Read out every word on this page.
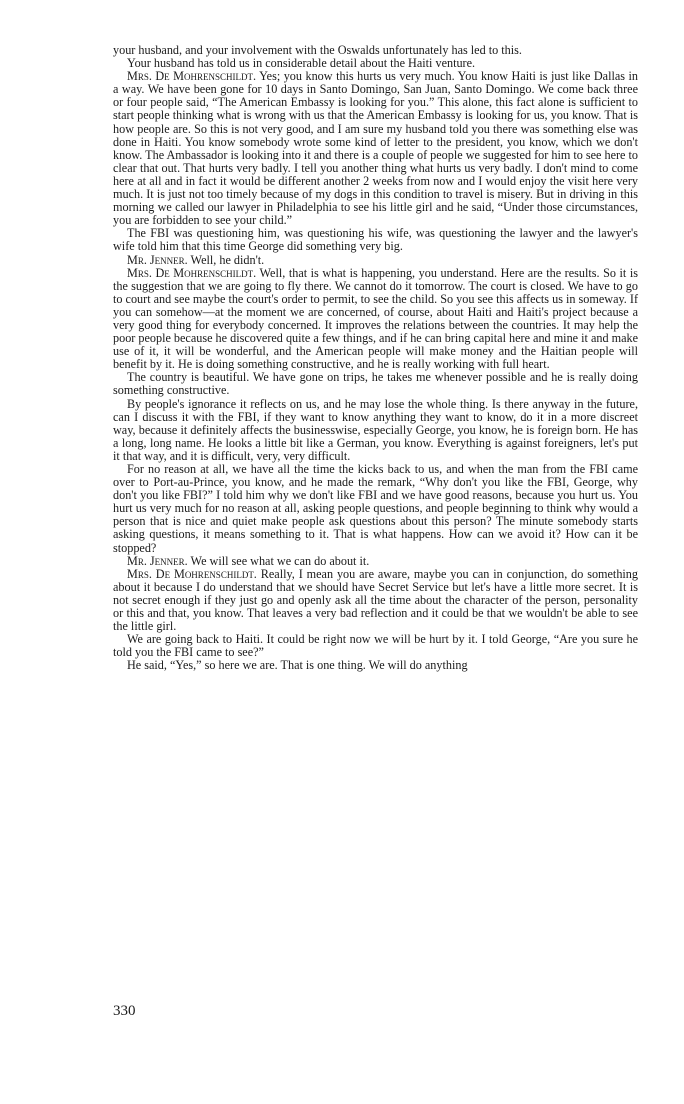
your husband, and your involvement with the Oswalds unfortunately has led to this.

Your husband has told us in considerable detail about the Haiti venture.

Mrs. De Mohrenschildt. Yes; you know this hurts us very much. You know Haiti is just like Dallas in a way. We have been gone for 10 days in Santo Domingo, San Juan, Santo Domingo. We come back three or four people said, “The American Embassy is looking for you.” This alone, this fact alone is sufficient to start people thinking what is wrong with us that the American Embassy is looking for us, you know. That is how people are. So this is not very good, and I am sure my husband told you there was something else was done in Haiti. You know somebody wrote some kind of letter to the president, you know, which we don't know. The Ambassador is looking into it and there is a couple of people we suggested for him to see here to clear that out. That hurts very badly. I tell you another thing what hurts us very badly. I don't mind to come here at all and in fact it would be different another 2 weeks from now and I would enjoy the visit here very much. It is just not too timely because of my dogs in this condition to travel is misery. But in driving in this morning we called our lawyer in Philadelphia to see his little girl and he said, “Under those circumstances, you are forbidden to see your child.”

The FBI was questioning him, was questioning his wife, was questioning the lawyer and the lawyer's wife told him that this time George did something very big.

Mr. Jenner. Well, he didn't.

Mrs. De Mohrenschildt. Well, that is what is happening, you understand. Here are the results. So it is the suggestion that we are going to fly there. We cannot do it tomorrow. The court is closed. We have to go to court and see maybe the court's order to permit, to see the child. So you see this affects us in someway. If you can somehow—at the moment we are concerned, of course, about Haiti and Haiti's project because a very good thing for everybody concerned. It improves the relations between the countries. It may help the poor people because he discovered quite a few things, and if he can bring capital here and mine it and make use of it, it will be wonderful, and the American people will make money and the Haitian people will benefit by it. He is doing something constructive, and he is really working with full heart.

The country is beautiful. We have gone on trips, he takes me whenever possible and he is really doing something constructive.

By people's ignorance it reflects on us, and he may lose the whole thing. Is there anyway in the future, can I discuss it with the FBI, if they want to know anything they want to know, do it in a more discreet way, because it definitely affects the businesswise, especially George, you know, he is foreign born. He has a long, long name. He looks a little bit like a German, you know. Everything is against foreigners, let's put it that way, and it is difficult, very, very difficult.

For no reason at all, we have all the time the kicks back to us, and when the man from the FBI came over to Port-au-Prince, you know, and he made the remark, “Why don't you like the FBI, George, why don't you like FBI?” I told him why we don't like FBI and we have good reasons, because you hurt us. You hurt us very much for no reason at all, asking people questions, and people beginning to think why would a person that is nice and quiet make people ask questions about this person? The minute somebody starts asking questions, it means something to it. That is what happens. How can we avoid it? How can it be stopped?

Mr. Jenner. We will see what we can do about it.

Mrs. De Mohrenschildt. Really, I mean you are aware, maybe you can in conjunction, do something about it because I do understand that we should have Secret Service but let's have a little more secret. It is not secret enough if they just go and openly ask all the time about the character of the person, personality or this and that, you know. That leaves a very bad reflection and it could be that we wouldn't be able to see the little girl.

We are going back to Haiti. It could be right now we will be hurt by it. I told George, “Are you sure he told you the FBI came to see?”

He said, “Yes,” so here we are. That is one thing. We will do anything

330
